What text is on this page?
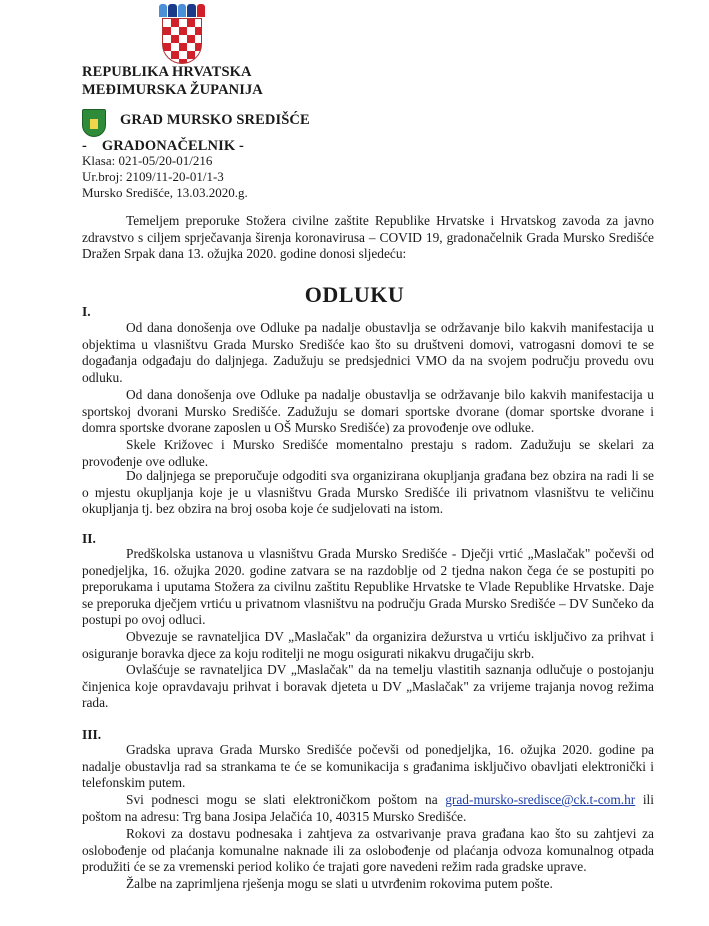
REPUBLIKA HRVATSKA
MEĐIMURSKA ŽUPANIJA
GRAD MURSKO SREDIŠĆE
-    GRADONAČELNIK -
Klasa: 021-05/20-01/216
Ur.broj: 2109/11-20-01/1-3
Mursko Središće, 13.03.2020.g.
Temeljem preporuke Stožera civilne zaštite Republike Hrvatske i Hrvatskog zavoda za javno zdravstvo s ciljem sprječavanja širenja koronavirusa – COVID 19, gradonačelnik Grada Mursko Središće Dražen Srpak dana 13. ožujka 2020. godine donosi sljedeću:
ODLUKU
I.
Od dana donošenja ove Odluke pa nadalje obustavlja se održavanje bilo kakvih manifestacija u objektima u vlasništvu Grada Mursko Središće kao što su društveni domovi, vatrogasni domovi te se događanja odgađaju do daljnjega. Zadužuju se predsjednici VMO da na svojem području provedu ovu odluku.
Od dana donošenja ove Odluke pa nadalje obustavlja se održavanje bilo kakvih manifestacija u sportskoj dvorani Mursko Središće. Zadužuju se domari sportske dvorane (domar sportske dvorane i domra sportske dvorane zaposlen u OŠ Mursko Središće) za provođenje ove odluke.
Skele Križovec i Mursko Središće momentalno prestaju s radom. Zadužuju se skelari za provođenje ove odluke.
Do daljnjega se preporučuje odgoditi sva organizirana okupljanja građana bez obzira na radi li se o mjestu okupljanja koje je u vlasništvu Grada Mursko Središće ili privatnom vlasništvu te veličinu okupljanja tj. bez obzira na broj osoba koje će sudjelovati na istom.
II.
Predškolska ustanova u vlasništvu Grada Mursko Središće - Dječji vrtić „Maslačak" počevši od ponedjeljka, 16. ožujka 2020. godine zatvara se na razdoblje od 2 tjedna nakon čega će se postupiti po preporukama i uputama Stožera za civilnu zaštitu Republike Hrvatske te Vlade Republike Hrvatske. Daje se preporuka dječjem vrtiću u privatnom vlasništvu na području Grada Mursko Središće – DV Sunčeko da postupi po ovoj odluci.
Obvezuje se ravnateljica DV „Maslačak" da organizira dežurstva u vrtiću isključivo za prihvat i osiguranje boravka djece za koju roditelji ne mogu osigurati nikakvu drugačiju skrb.
Ovlašćuje se ravnateljica DV „Maslačak" da na temelju vlastitih saznanja odlučuje o postojanju činjenica koje opravdavaju prihvat i boravak djeteta u DV „Maslačak" za vrijeme trajanja novog režima rada.
III.
Gradska uprava Grada Mursko Središće počevši od ponedjeljka, 16. ožujka 2020. godine pa nadalje obustavlja rad sa strankama te će se komunikacija s građanima isključivo obavljati elektronički i telefonskim putem.
Svi podnesci mogu se slati elektroničkom poštom na grad-mursko-sredisce@ck.t-com.hr ili poštom na adresu: Trg bana Josipa Jelačića 10, 40315 Mursko Središće.
Rokovi za dostavu podnesaka i zahtjeva za ostvarivanje prava građana kao što su zahtjevi za oslobođenje od plaćanja komunalne naknade ili za oslobođenje od plaćanja odvoza komunalnog otpada produžiti će se za vremenski period koliko će trajati gore navedeni režim rada gradske uprave.
Žalbe na zaprimljena rješenja mogu se slati u utvrđenim rokovima putem pošte.
